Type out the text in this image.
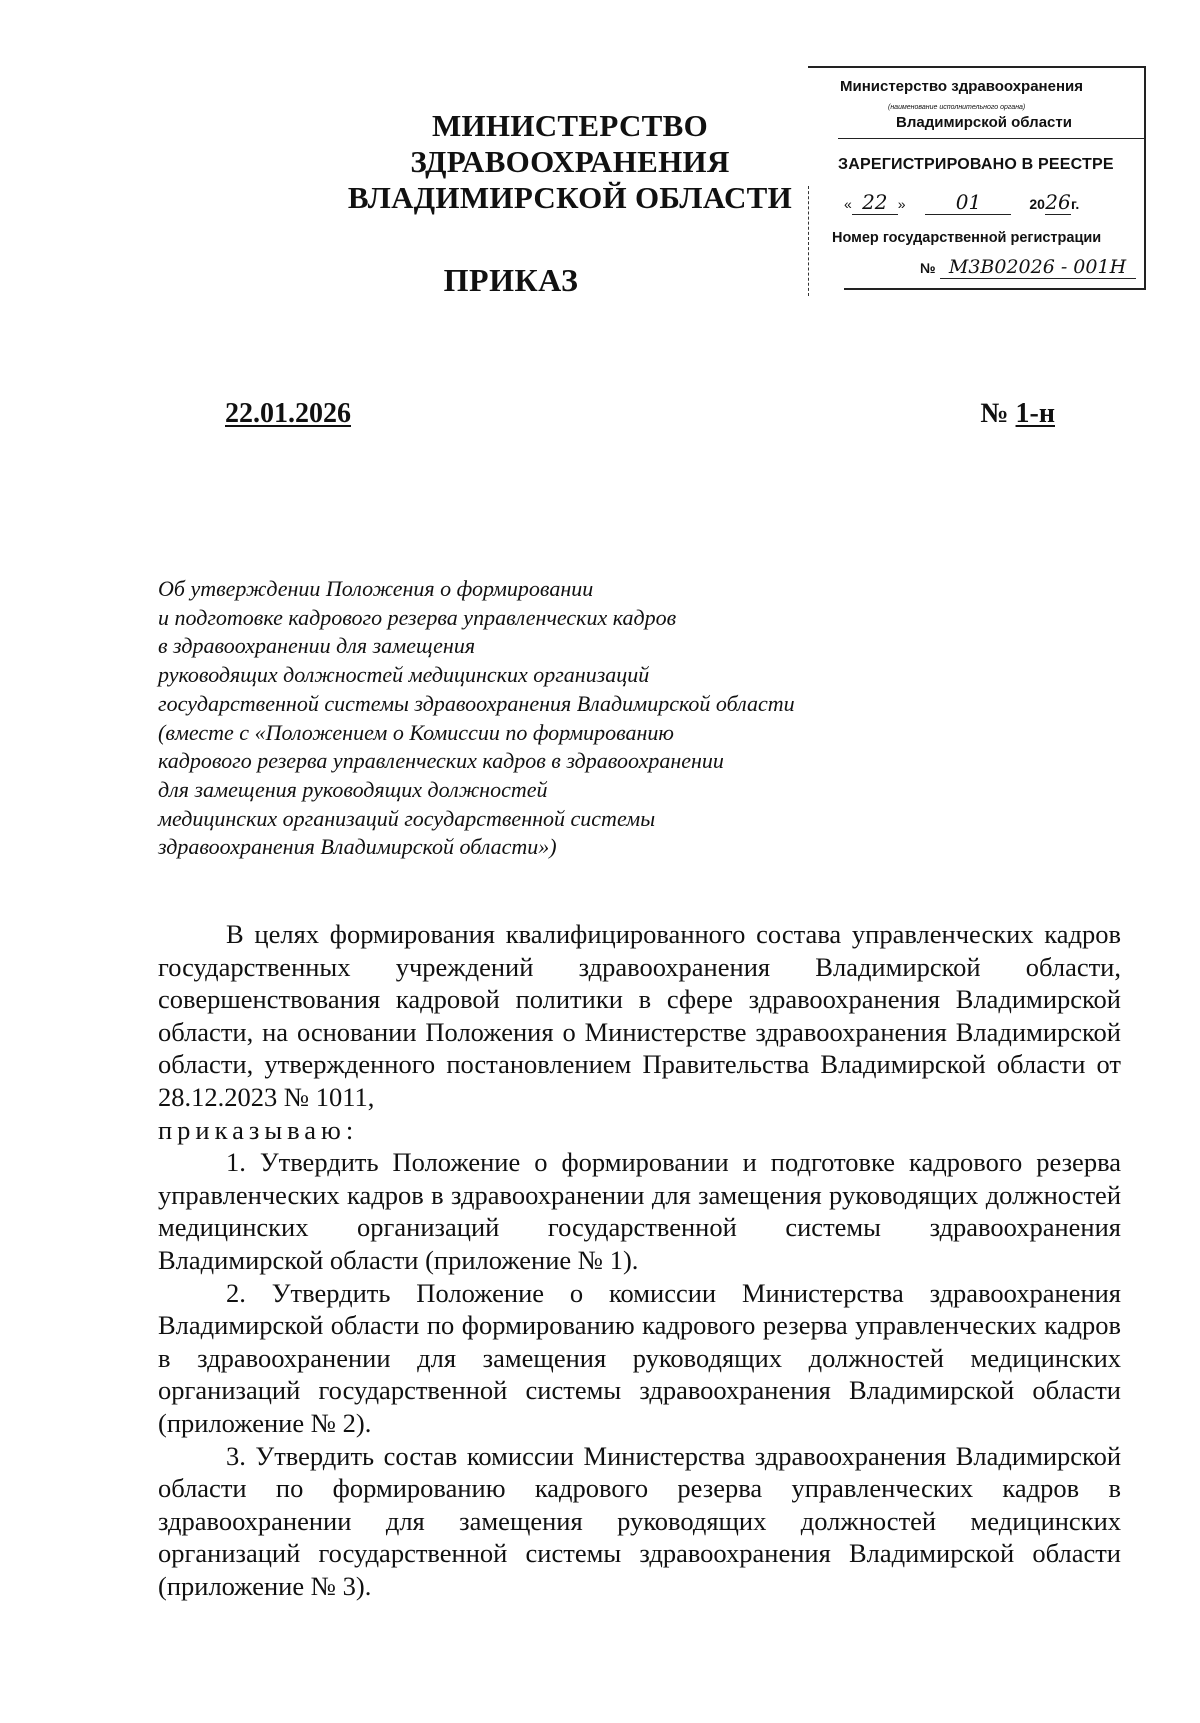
МИНИСТЕРСТВО ЗДРАВООХРАНЕНИЯ
ВЛАДИМИРСКОЙ ОБЛАСТИ
ПРИКАЗ
Министерство здравоохранения
(наименование исполнительного органа)
Владимирской области
ЗАРЕГИСТРИРОВАНО В РЕЕСТРЕ
« 22 » 01	2026г.
Номер государственной регистрации
№ М3В02026 - 001Н
22.01.2026	№ 1-н
Об утверждении Положения о формировании
и подготовке кадрового резерва управленческих кадров
в здравоохранении для замещения
руководящих должностей медицинских организаций
государственной системы здравоохранения Владимирской области
(вместе с «Положением о Комиссии по формированию
кадрового резерва управленческих кадров в здравоохранении
для замещения руководящих должностей
медицинских организаций государственной системы
здравоохранения Владимирской области»)

В целях формирования квалифицированного состава управленческих кадров государственных учреждений здравоохранения Владимирской области, совершенствования кадровой политики в сфере здравоохранения Владимирской области, на основании Положения о Министерстве здравоохранения Владимирской области, утвержденного постановлением Правительства Владимирской области от 28.12.2023 № 1011,

приказываю:

1. Утвердить Положение о формировании и подготовке кадрового резерва управленческих кадров в здравоохранении для замещения руководящих должностей медицинских организаций государственной системы здравоохранения Владимирской области (приложение № 1).

2. Утвердить Положение о комиссии Министерства здравоохранения Владимирской области по формированию кадрового резерва управленческих кадров в здравоохранении для замещения руководящих должностей медицинских организаций государственной системы здравоохранения Владимирской области (приложение № 2).

3. Утвердить состав комиссии Министерства здравоохранения Владимирской области по формированию кадрового резерва управленческих кадров в здравоохранении для замещения руководящих должностей медицинских организаций государственной системы здравоохранения Владимирской области (приложение № 3).
